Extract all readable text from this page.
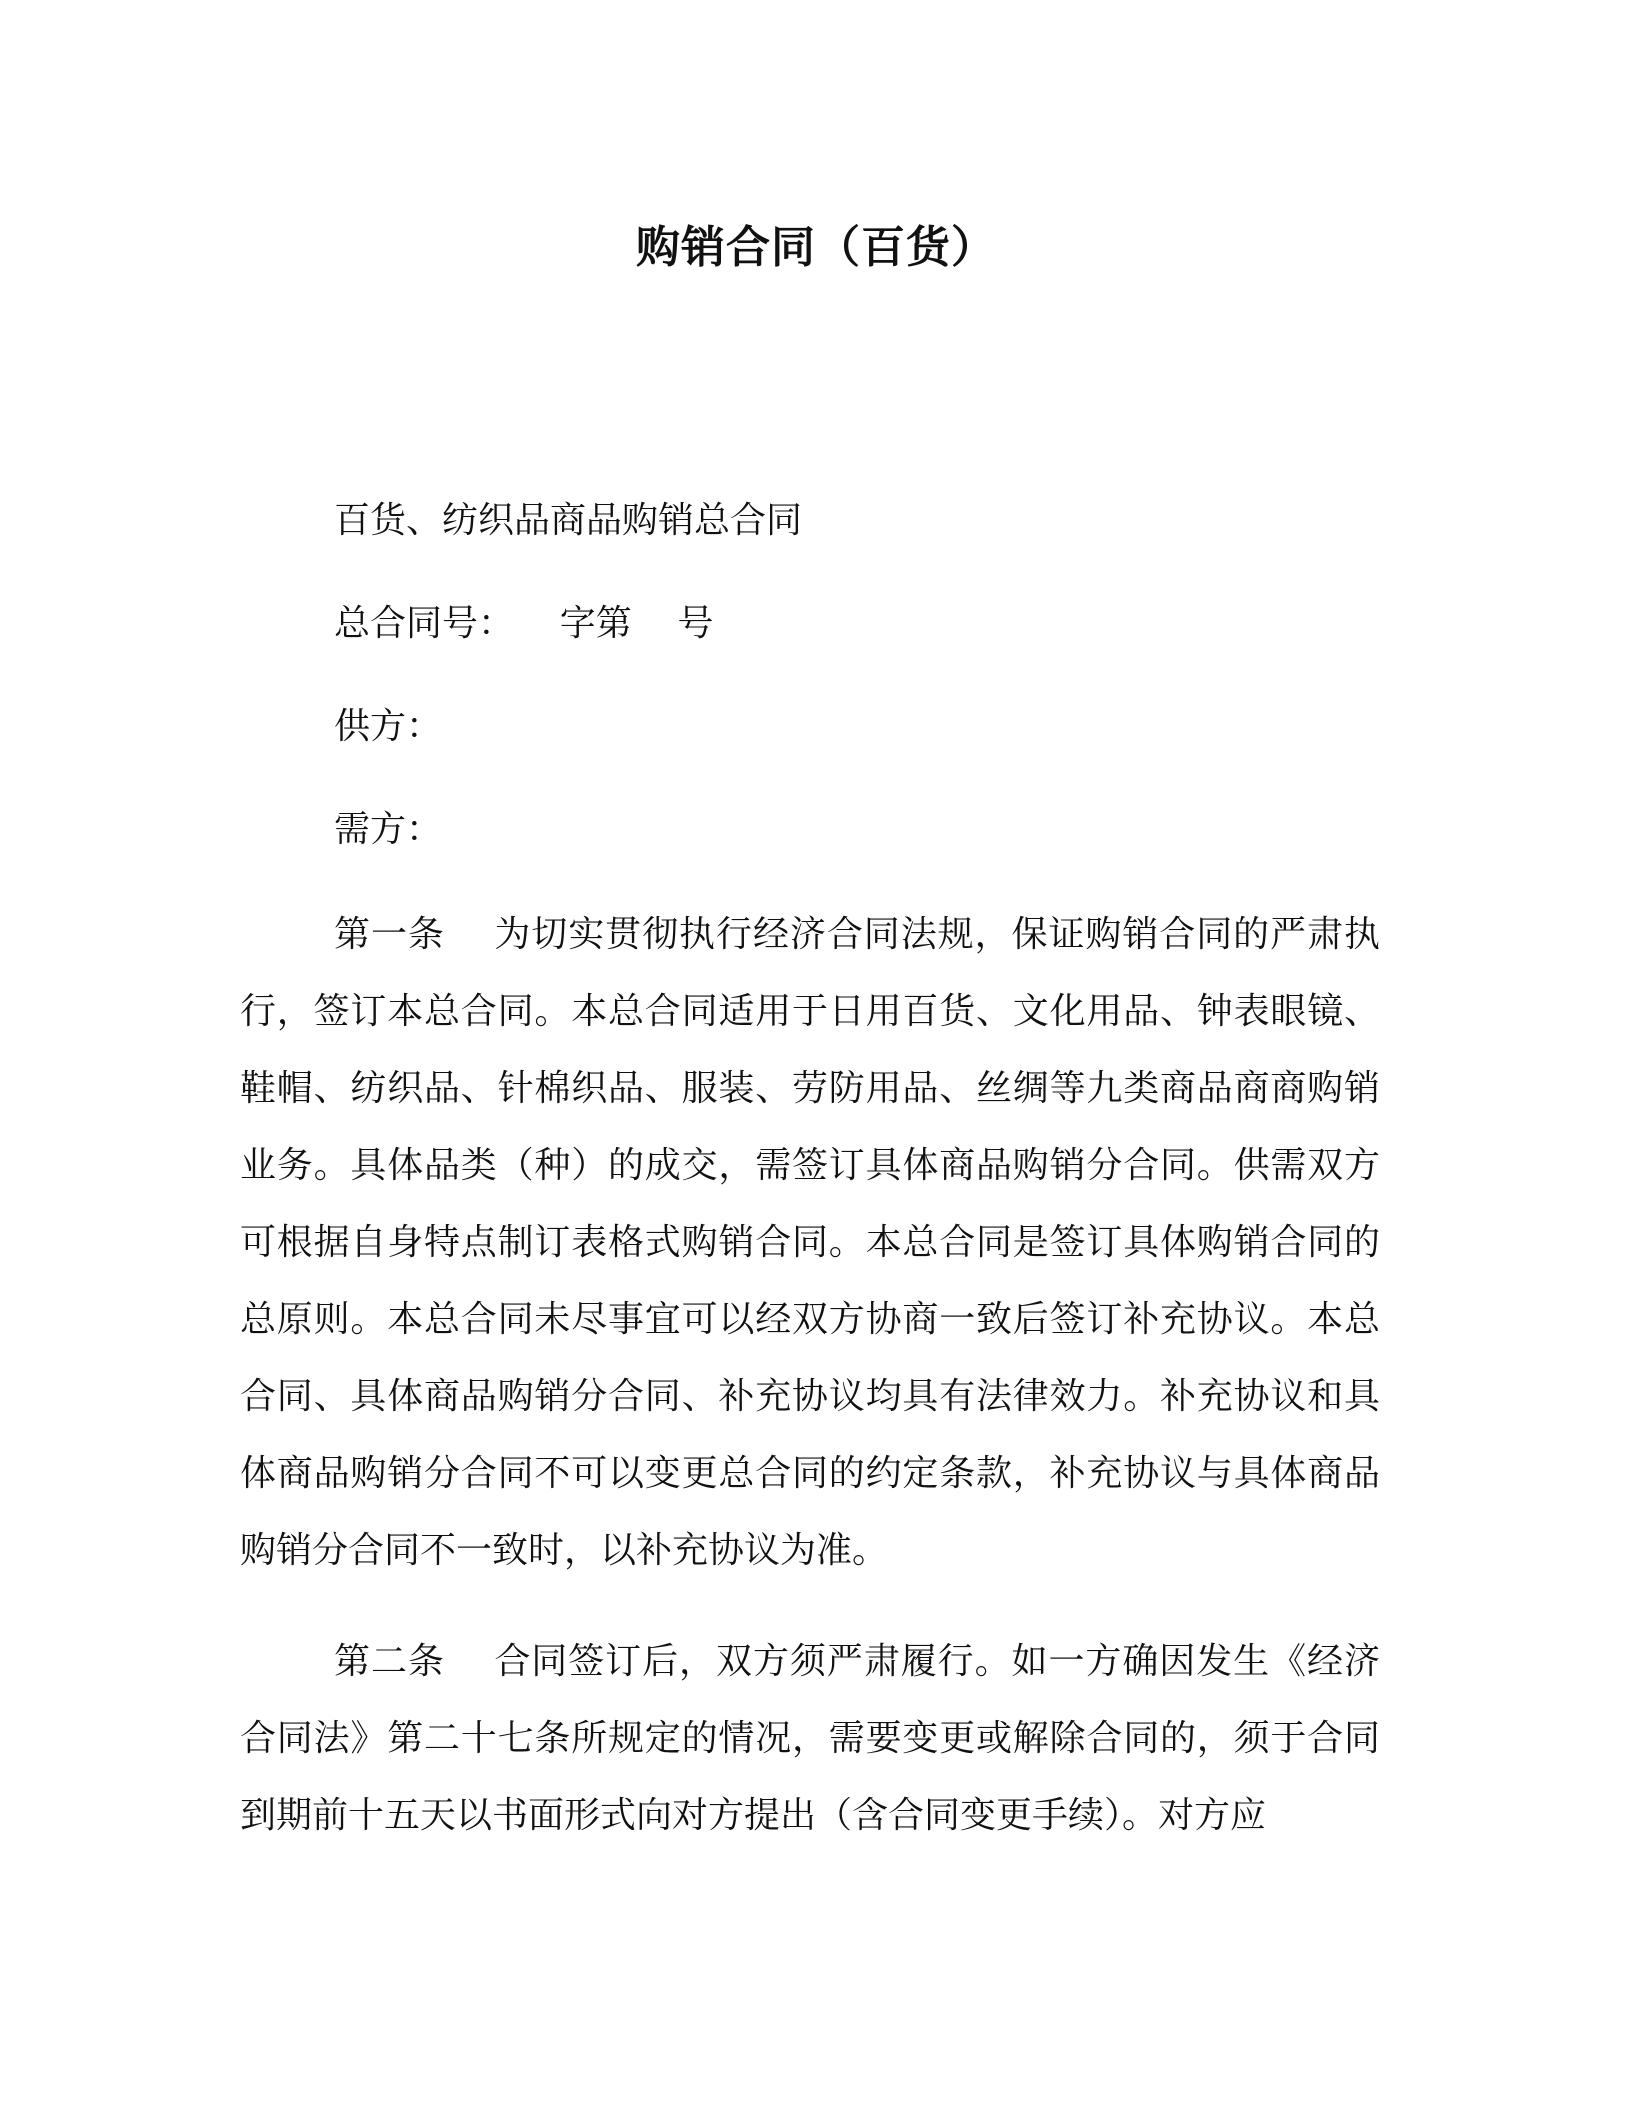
购销合同（百货）
百货、纺织品商品购销总合同
总合同号：    字第    号
供方：
需方：

第一条    为切实贯彻执行经济合同法规，保证购销合同的严肃执行，签订本总合同。本总合同适用于日用百货、文化用品、钟表眼镜、鞋帽、纺织品、针棉织品、服装、劳防用品、丝绸等九类商品商商购销业务。具体品类（种）的成交，需签订具体商品购销分合同。供需双方可根据自身特点制订表格式购销合同。本总合同是签订具体购销合同的总原则。本总合同未尽事宜可以经双方协商一致后签订补充协议。本总合同、具体商品购销分合同、补充协议均具有法律效力。补充协议和具体商品购销分合同不可以变更总合同的约定条款，补充协议与具体商品购销分合同不一致时，以补充协议为准。

第二条    合同签订后，双方须严肃履行。如一方确因发生《经济合同法》第二十七条所规定的情况，需要变更或解除合同的，须于合同到期前十五天以书面形式向对方提出（含合同变更手续）。对方应
